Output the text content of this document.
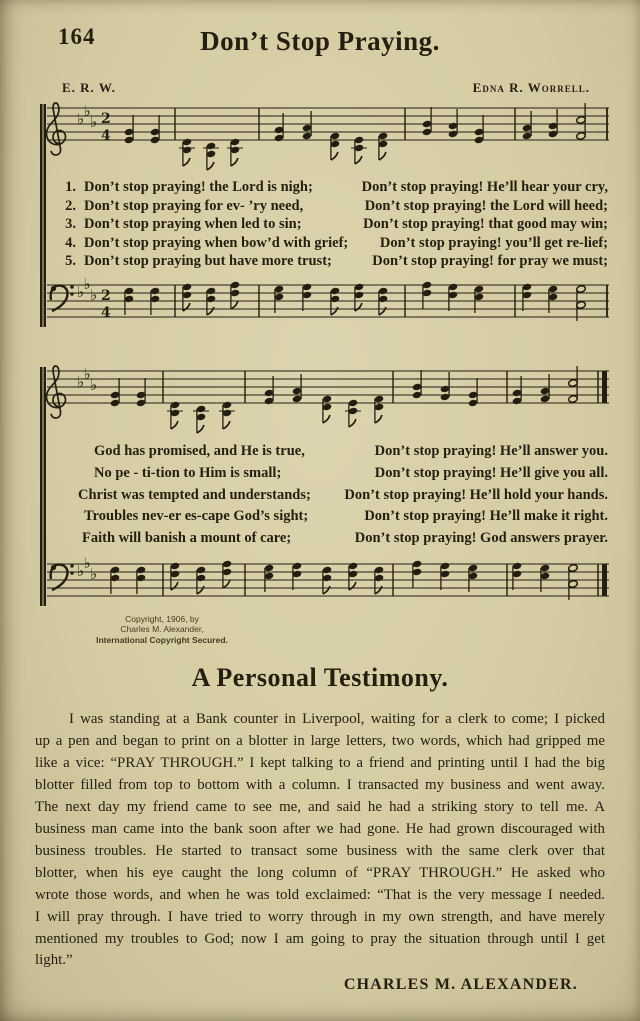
164	Don’t Stop Praying.
E. R. W.	Edna R. Worrell.
♭ ♭
♭ 2
4
1. Don’t stop praying! the Lord is nigh;	Don’t stop praying! He’ll hear your cry,
2. Don’t stop praying for ev- ’ry need,	Don’t stop praying! the Lord will heed;
3. Don’t stop praying when led to sin;	Don’t stop praying! that good may win;
4. Don’t stop praying when bow’d with grief; Don’t stop praying! you’ll get re-lief;
5. Don’t stop praying but have more trust;	Don’t stop praying! for pray we must;
♭ ♭
♭ 2
4
♭ ♭
♭
God has promised, and He is true,	Don’t stop praying! He’ll answer you.
No pe - ti-tion to Him is small;	Don’t stop praying! He’ll give you all.
Christ was tempted and understands; Don’t stop praying! He’ll hold your hands.
Troubles nev-er es-cape God’s sight;	Don’t stop praying! He’ll make it right.
Faith will banish a mount of care;	Don’t stop praying! God answers prayer.
♭ ♭
♭
Copyright, 1906, by
Charles M. Alexander,
International Copyright Secured.
A Personal Testimony.

I was standing at a Bank counter in Liverpool, waiting for a clerk to come; I picked up a pen and began to print on a blotter in large letters, two words, which had gripped me like a vice: “PRAY THROUGH.” I kept talking to a friend and printing until I had the big blotter filled from top to bottom with a column. I transacted my business and went away. The next day my friend came to see me, and said he had a striking story to tell me. A business man came into the bank soon after we had gone. He had grown discouraged with business troubles. He started to transact some business with the same clerk over that blotter, when his eye caught the long column of “PRAY THROUGH.” He asked who wrote those words, and when he was told exclaimed: “That is the very message I needed. I will pray through. I have tried to worry through in my own strength, and have merely mentioned my troubles to God; now I am going to pray the situation through until I get light.”

CHARLES M. ALEXANDER.
